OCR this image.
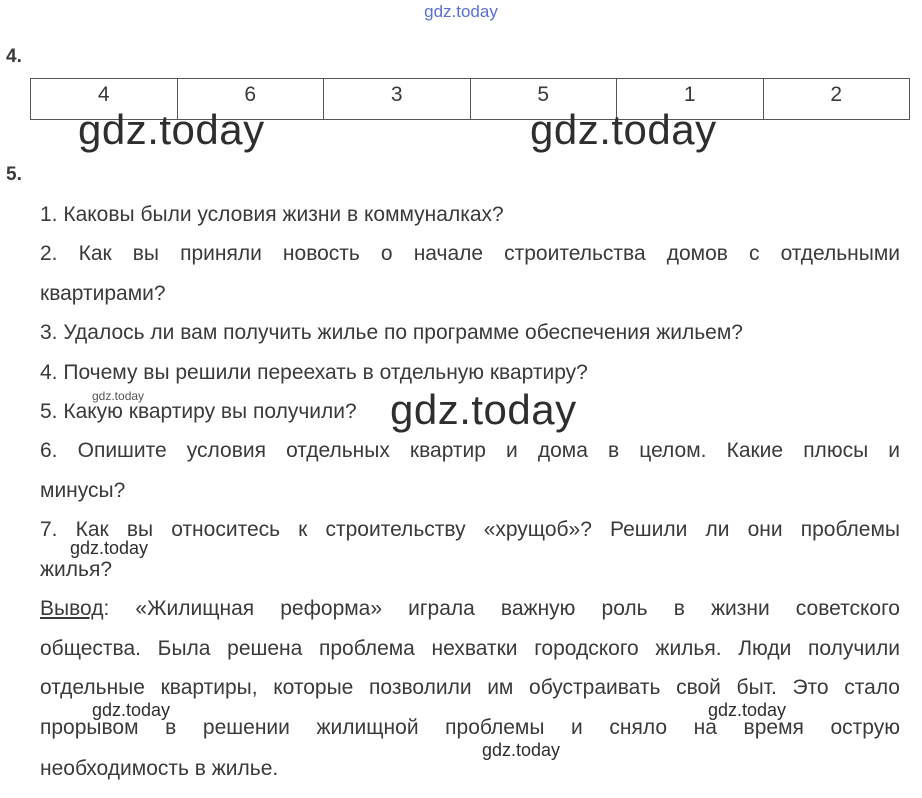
gdz.today
4.
4	6	3	5	1	2
gdz.today	gdz.today
5.
1. Каковы были условия жизни в коммуналках?
2. Как вы приняли новость о начале строительства домов с отдельными
квартирами?
3. Удалось ли вам получить жилье по программе обеспечения жильем?
4. Почему вы решили переехать в отдельную квартиру?
gdz.today
5. Какую квартиру вы получили? gdz.today
6. Опишите условия отдельных квартир и дома в целом. Какие плюсы и
минусы?
7. Как вы относитесь к строительству «хрущоб»? Решили ли они проблемы
gdz.today
жилья?
Вывод: «Жилищная реформа» играла важную роль в жизни советского
общества. Была решена проблема нехватки городского жилья. Люди получили
отдельные квартиры, которые позволили им обустраивать свой быт. Это стало
gdz.today	gdz.today
прорывом в решении жилищной проблемы и сняло на время острую
gdz.today
необходимость в жилье.
